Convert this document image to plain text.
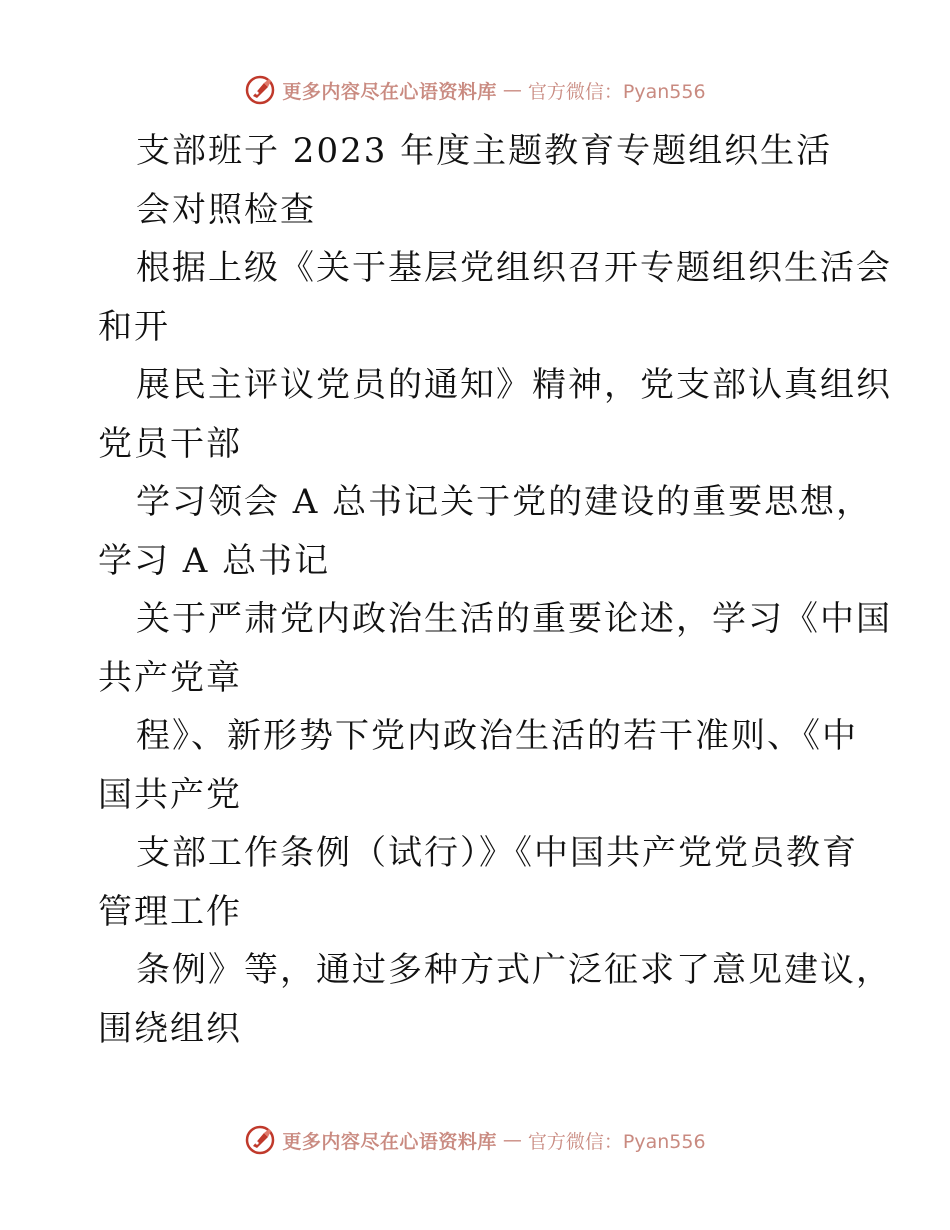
更多内容尽在心语资料库 — 官方微信：Pyan556
支部班子 2023 年度主题教育专题组织生活
会对照检查
根据上级《关于基层党组织召开专题组织生活会
和开
展民主评议党员的通知》精神，党支部认真组织
党员干部
学习领会 A 总书记关于党的建设的重要思想，
学习 A 总书记
关于严肃党内政治生活的重要论述，学习《中国
共产党章
程》、新形势下党内政治生活的若干准则、《中
国共产党
支部工作条例（试行）》《中国共产党党员教育
管理工作
条例》等，通过多种方式广泛征求了意见建议，
围绕组织
更多内容尽在心语资料库 — 官方微信：Pyan556
